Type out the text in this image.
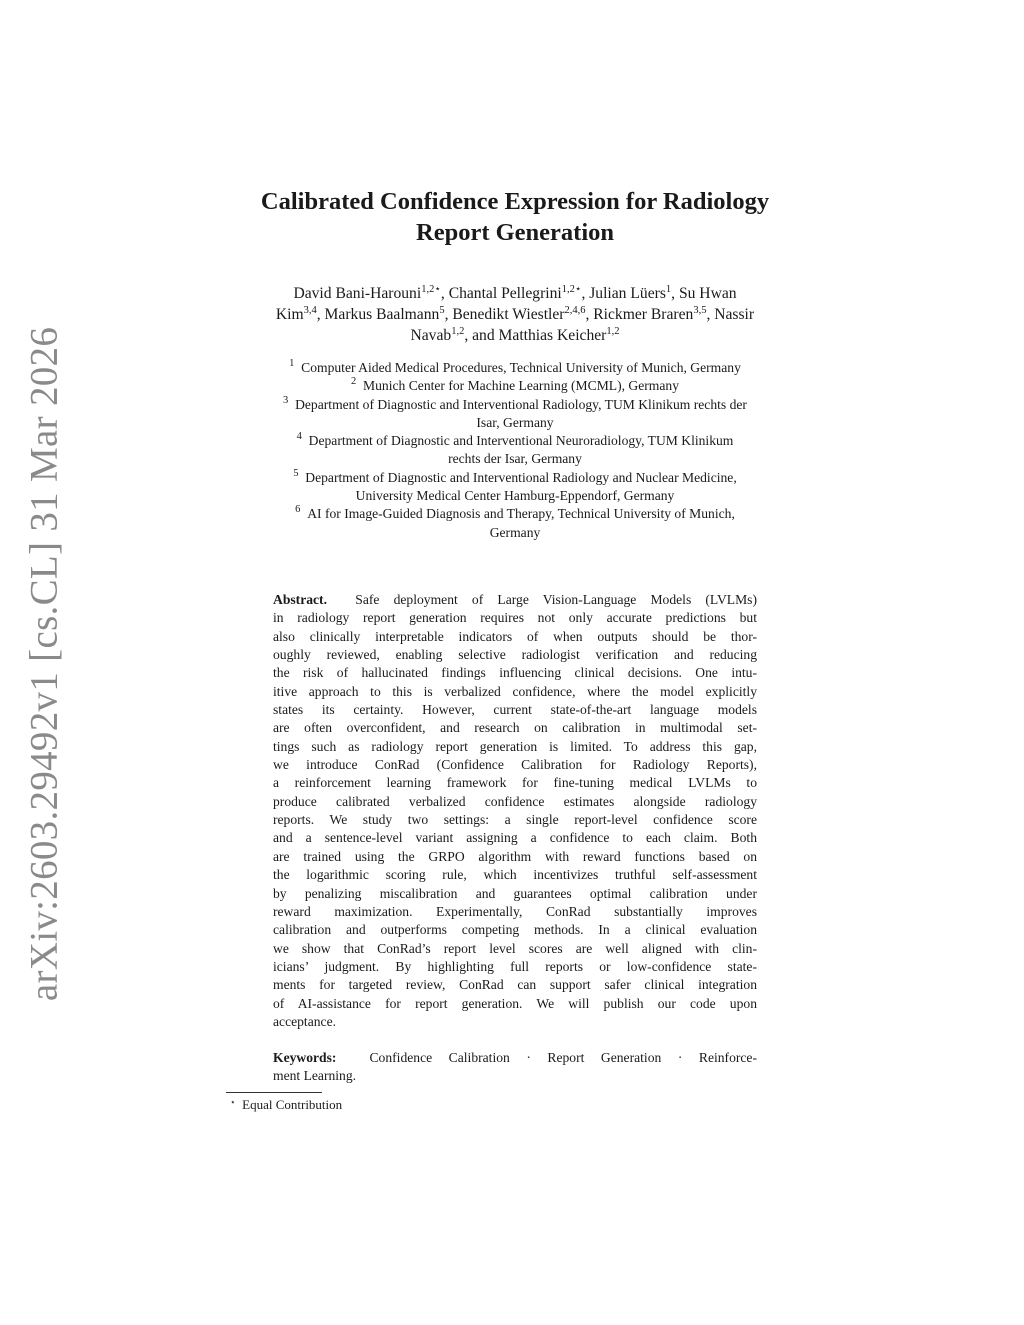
arXiv:2603.29492v1 [cs.CL] 31 Mar 2026
Calibrated Confidence Expression for Radiology
Report Generation
David Bani-Harouni$^{1,2⋆}$, Chantal Pellegrini$^{1,2⋆}$, Julian Lüers$^1$, Su Hwan
Kim$^{3,4}$, Markus Baalmann$^5$, Benedikt Wiestler$^{2,4,6}$, Rickmer Braren$^{3,5}$, Nassir
Navab$^{1,2}$, and Matthias Keicher$^{1,2}$
$^1$ Computer Aided Medical Procedures, Technical University of Munich, Germany
$^2$ Munich Center for Machine Learning (MCML), Germany
$^3$ Department of Diagnostic and Interventional Radiology, TUM Klinikum rechts der
Isar, Germany
$^4$ Department of Diagnostic and Interventional Neuroradiology, TUM Klinikum
rechts der Isar, Germany
$^5$ Department of Diagnostic and Interventional Radiology and Nuclear Medicine,
University Medical Center Hamburg-Eppendorf, Germany
$^6$ AI for Image-Guided Diagnosis and Therapy, Technical University of Munich,
Germany
Abstract. Safe deployment of Large Vision-Language Models (LVLMs)
in radiology report generation requires not only accurate predictions but
also clinically interpretable indicators of when outputs should be thor-
oughly reviewed, enabling selective radiologist verification and reducing
the risk of hallucinated findings influencing clinical decisions. One intu-
itive approach to this is verbalized confidence, where the model explicitly
states its certainty. However, current state-of-the-art language models
are often overconfident, and research on calibration in multimodal set-
tings such as radiology report generation is limited. To address this gap,
we introduce ConRad (Confidence Calibration for Radiology Reports),
a reinforcement learning framework for fine-tuning medical LVLMs to
produce calibrated verbalized confidence estimates alongside radiology
reports. We study two settings: a single report-level confidence score
and a sentence-level variant assigning a confidence to each claim. Both
are trained using the GRPO algorithm with reward functions based on
the logarithmic scoring rule, which incentivizes truthful self-assessment
by penalizing miscalibration and guarantees optimal calibration under
reward maximization. Experimentally, ConRad substantially improves
calibration and outperforms competing methods. In a clinical evaluation
we show that ConRad’s report level scores are well aligned with clin-
icians’ judgment. By highlighting full reports or low-confidence state-
ments for targeted review, ConRad can support safer clinical integration
of AI-assistance for report generation. We will publish our code upon
acceptance.
Keywords: Confidence Calibration · Report Generation · Reinforce-
ment Learning.
⋆ Equal Contribution
